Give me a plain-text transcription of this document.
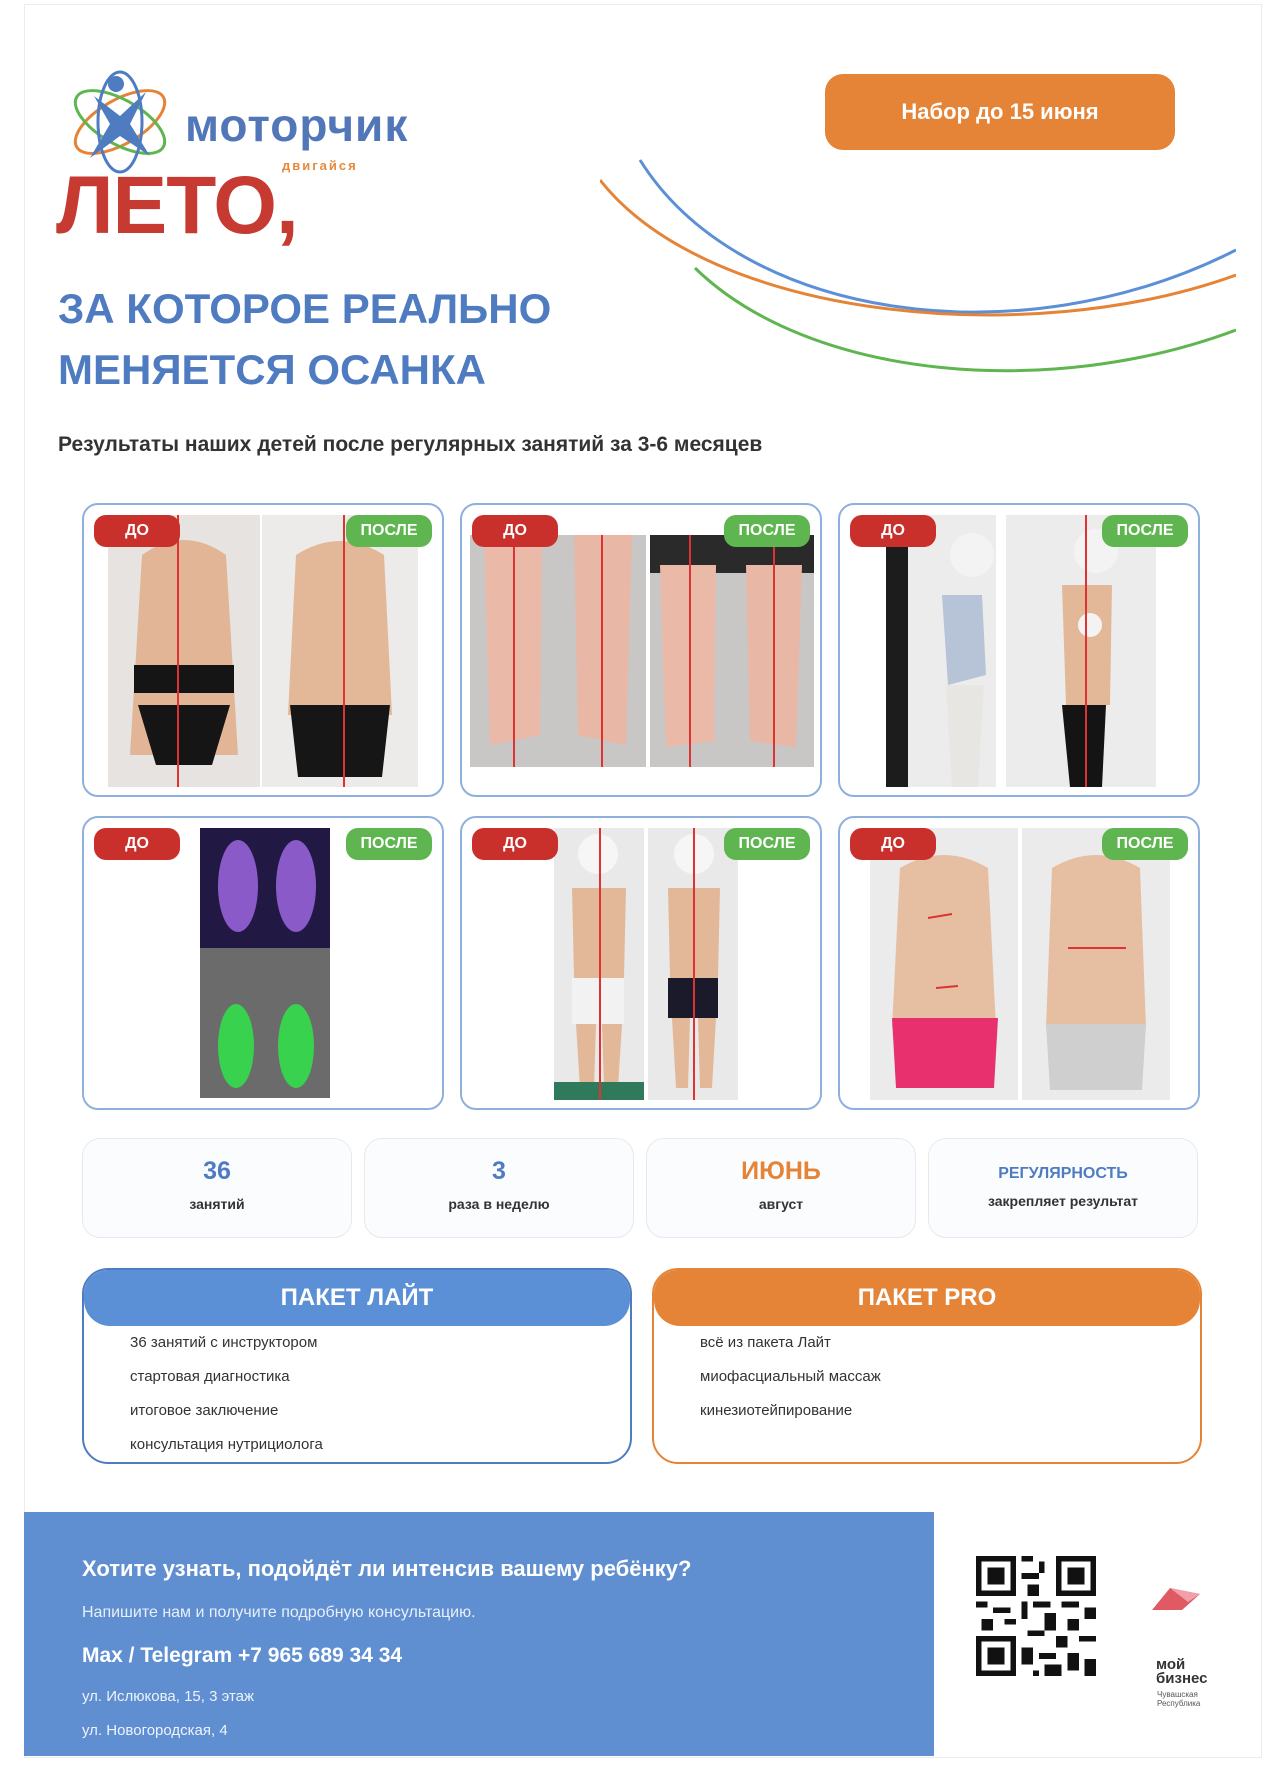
моторчик
двигайся
Набор до 15 июня
ЛЕТО,
ЗА КОТОРОЕ РЕАЛЬНО
МЕНЯЕТСЯ ОСАНКА
Результаты наших детей после регулярных занятий за 3-6 месяцев
ДО	ПОСЛЕ	ДО	ПОСЛЕ	ДО	ПОСЛЕ
ДО	ПОСЛЕ	ДО	ПОСЛЕ	ДО	ПОСЛЕ
36
занятий
3
раза в неделю
ИЮНЬ
август
РЕГУЛЯРНОСТЬ
закрепляет результат
ПАКЕТ ЛАЙТ
36 занятий с инструктором
стартовая диагностика
итоговое заключение
консультация нутрициолога
ПАКЕТ PRO
всё из пакета Лайт
миофасциальный массаж
кинезиотейпирование
Хотите узнать, подойдёт ли интенсив вашему ребёнку?
Напишите нам и получите подробную консультацию.
Max / Telegram +7 965 689 34 34
ул. Ислюкова, 15, 3 этаж
ул. Новогородская, 4
мой
бизнес
Чувашская
Республика
